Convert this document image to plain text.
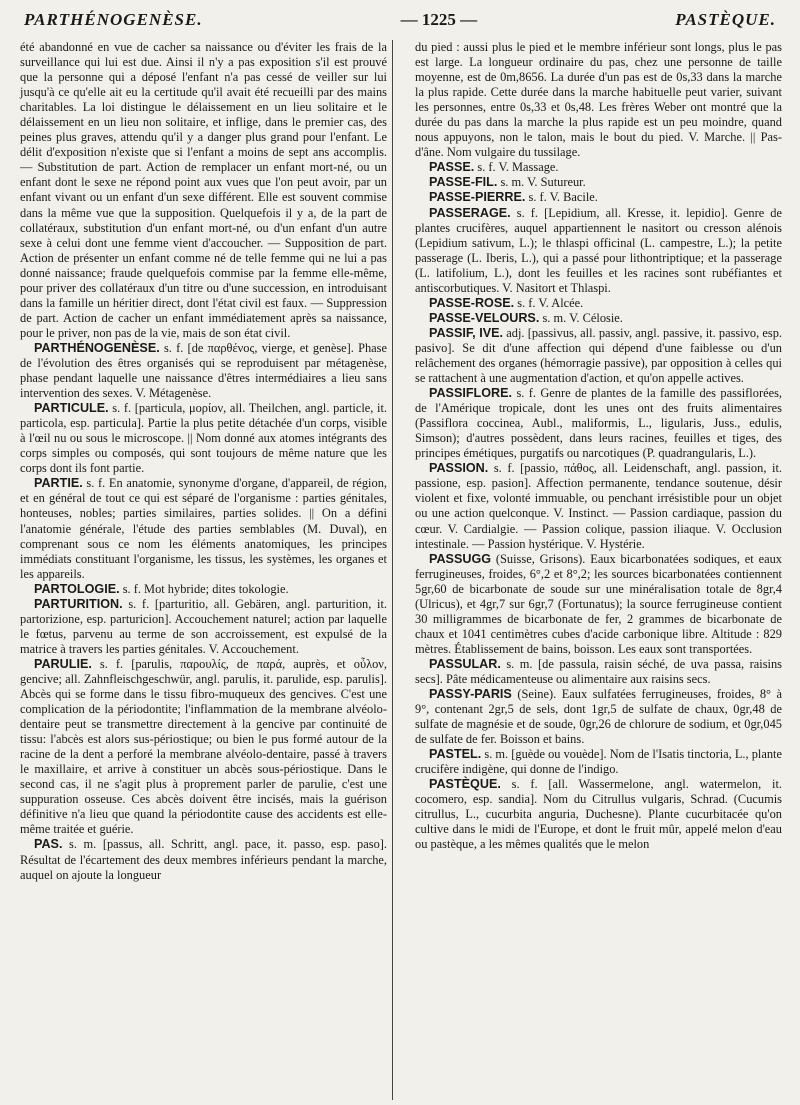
PARTHÉNOGENÈSE.	— 1225 —	PASTÈQUE.

été abandonné en vue de cacher sa naissance ou d'éviter les frais de la surveillance qui lui est due. Ainsi il n'y a pas exposition s'il est prouvé que la personne qui a déposé l'enfant n'a pas cessé de veiller sur lui jusqu'à ce qu'elle ait eu la certitude qu'il avait été recueilli par des mains charitables. La loi distingue le délaissement en un lieu solitaire et le délaissement en un lieu non solitaire, et inflige, dans le premier cas, des peines plus graves, attendu qu'il y a danger plus grand pour l'enfant. Le délit d'exposition n'existe que si l'enfant a moins de sept ans accomplis. — Substitution de part. Action de remplacer un enfant mort-né, ou un enfant dont le sexe ne répond point aux vues que l'on peut avoir, par un enfant vivant ou un enfant d'un sexe différent. Elle est souvent commise dans la même vue que la supposition. Quelquefois il y a, de la part de collatéraux, substitution d'un enfant mort-né, ou d'un enfant d'un autre sexe à celui dont une femme vient d'accoucher. — Supposition de part. Action de présenter un enfant comme né de telle femme qui ne lui a pas donné naissance; fraude quelquefois commise par la femme elle-même, pour priver des collatéraux d'un titre ou d'une succession, en introduisant dans la famille un héritier direct, dont l'état civil est faux. — Suppression de part. Action de cacher un enfant immédiatement après sa naissance, pour le priver, non pas de la vie, mais de son état civil.

PARTHÉNOGENÈSE. s. f. [de παρθένος, vierge, et genèse]. Phase de l'évolution des êtres organisés qui se reproduisent par métagenèse, phase pendant laquelle une naissance d'êtres intermédiaires a lieu sans intervention des sexes. V. Métagenèse.

PARTICULE. s. f. [particula, μορίον, all. Theilchen, angl. particle, it. particola, esp. particula]. Partie la plus petite détachée d'un corps, visible à l'œil nu ou sous le microscope. || Nom donné aux atomes intégrants des corps simples ou composés, qui sont toujours de même nature que les corps dont ils font partie.

PARTIE. s. f. En anatomie, synonyme d'organe, d'appareil, de région, et en général de tout ce qui est séparé de l'organisme : parties génitales, honteuses, nobles; parties similaires, parties solides. || On a défini l'anatomie générale, l'étude des parties semblables (M. Duval), en comprenant sous ce nom les éléments anatomiques, les principes immédiats constituant l'organisme, les tissus, les systèmes, les organes et les appareils.

PARTOLOGIE. s. f. Mot hybride; dites tokologie.

PARTURITION. s. f. [parturitio, all. Gebären, angl. parturition, it. partorizione, esp. parturicion]. Accouchement naturel; action par laquelle le fœtus, parvenu au terme de son accroissement, est expulsé de la matrice à travers les parties génitales. V. Accouchement.

PARULIE. s. f. [parulis, παρουλίς, de παρά, auprès, et οὖλον, gencive; all. Zahnfleischgeschwür, angl. parulis, it. parulide, esp. parulis]. Abcès qui se forme dans le tissu fibro-muqueux des gencives. C'est une complication de la périodontite; l'inflammation de la membrane alvéolo-dentaire peut se transmettre directement à la gencive par continuité de tissu: l'abcès est alors sus-périostique; ou bien le pus formé autour de la racine de la dent a perforé la membrane alvéolo-dentaire, passé à travers le maxillaire, et arrive à constituer un abcès sous-périostique. Dans le second cas, il ne s'agit plus à proprement parler de parulie, c'est une suppuration osseuse. Ces abcès doivent être incisés, mais la guérison définitive n'a lieu que quand la périodontite cause des accidents est elle-même traitée et guérie.

PAS. s. m. [passus, all. Schritt, angl. pace, it. passo, esp. paso]. Résultat de l'écartement des deux membres inférieurs pendant la marche, auquel on ajoute la longueur

du pied : aussi plus le pied et le membre inférieur sont longs, plus le pas est large. La longueur ordinaire du pas, chez une personne de taille moyenne, est de 0m,8656. La durée d'un pas est de 0s,33 dans la marche la plus rapide. Cette durée dans la marche habituelle peut varier, suivant les personnes, entre 0s,33 et 0s,48. Les frères Weber ont montré que la durée du pas dans la marche la plus rapide est un peu moindre, quand nous appuyons, non le talon, mais le bout du pied. V. Marche. || Pas-d'âne. Nom vulgaire du tussilage.

PASSE. s. f. V. Massage.

PASSE-FIL. s. m. V. Sutureur.

PASSE-PIERRE. s. f. V. Bacile.

PASSERAGE. s. f. [Lepidium, all. Kresse, it. lepidio]. Genre de plantes crucifères, auquel appartiennent le nasitort ou cresson alénois (Lepidium sativum, L.); le thlaspi officinal (L. campestre, L.); la petite passerage (L. Iberis, L.), qui a passé pour lithontriptique; et la passerage (L. latifolium, L.), dont les feuilles et les racines sont rubéfiantes et antiscorbutiques. V. Nasitort et Thlaspi.

PASSE-ROSE. s. f. V. Alcée.

PASSE-VELOURS. s. m. V. Célosie.

PASSIF, IVE. adj. [passivus, all. passiv, angl. passive, it. passivo, esp. pasivo]. Se dit d'une affection qui dépend d'une faiblesse ou d'un relâchement des organes (hémorragie passive), par opposition à celles qui se rattachent à une augmentation d'action, et qu'on appelle actives.

PASSIFLORE. s. f. Genre de plantes de la famille des passiflorées, de l'Amérique tropicale, dont les unes ont des fruits alimentaires (Passiflora coccinea, Aubl., maliformis, L., ligularis, Juss., edulis, Simson); d'autres possèdent, dans leurs racines, feuilles et tiges, des principes émétiques, purgatifs ou narcotiques (P. quadrangularis, L.).

PASSION. s. f. [passio, πάθος, all. Leidenschaft, angl. passion, it. passione, esp. pasion]. Affection permanente, tendance soutenue, désir violent et fixe, volonté immuable, ou penchant irrésistible pour un objet ou une action quelconque. V. Instinct. — Passion cardiaque, passion du cœur. V. Cardialgie. — Passion colique, passion iliaque. V. Occlusion intestinale. — Passion hystérique. V. Hystérie.

PASSUGG (Suisse, Grisons). Eaux bicarbonatées sodiques, et eaux ferrugineuses, froides, 6°,2 et 8°,2; les sources bicarbonatées contiennent 5gr,60 de bicarbonate de soude sur une minéralisation totale de 8gr,4 (Ulricus), et 4gr,7 sur 6gr,7 (Fortunatus); la source ferrugineuse contient 30 milligrammes de bicarbonate de fer, 2 grammes de bicarbonate de chaux et 1041 centimètres cubes d'acide carbonique libre. Altitude : 829 mètres. Établissement de bains, boisson. Les eaux sont transportées.

PASSULAR. s. m. [de passula, raisin séché, de uva passa, raisins secs]. Pâte médicamenteuse ou alimentaire aux raisins secs.

PASSY-PARIS (Seine). Eaux sulfatées ferrugineuses, froides, 8° à 9°, contenant 2gr,5 de sels, dont 1gr,5 de sulfate de chaux, 0gr,48 de sulfate de magnésie et de soude, 0gr,26 de chlorure de sodium, et 0gr,045 de sulfate de fer. Boisson et bains.

PASTEL. s. m. [guède ou vouède]. Nom de l'Isatis tinctoria, L., plante crucifère indigène, qui donne de l'indigo.

PASTÈQUE. s. f. [all. Wassermelone, angl. watermelon, it. cocomero, esp. sandia]. Nom du Citrullus vulgaris, Schrad. (Cucumis citrullus, L., cucurbita anguria, Duchesne). Plante cucurbitacée qu'on cultive dans le midi de l'Europe, et dont le fruit mûr, appelé melon d'eau ou pastèque, a les mêmes qualités que le melon
